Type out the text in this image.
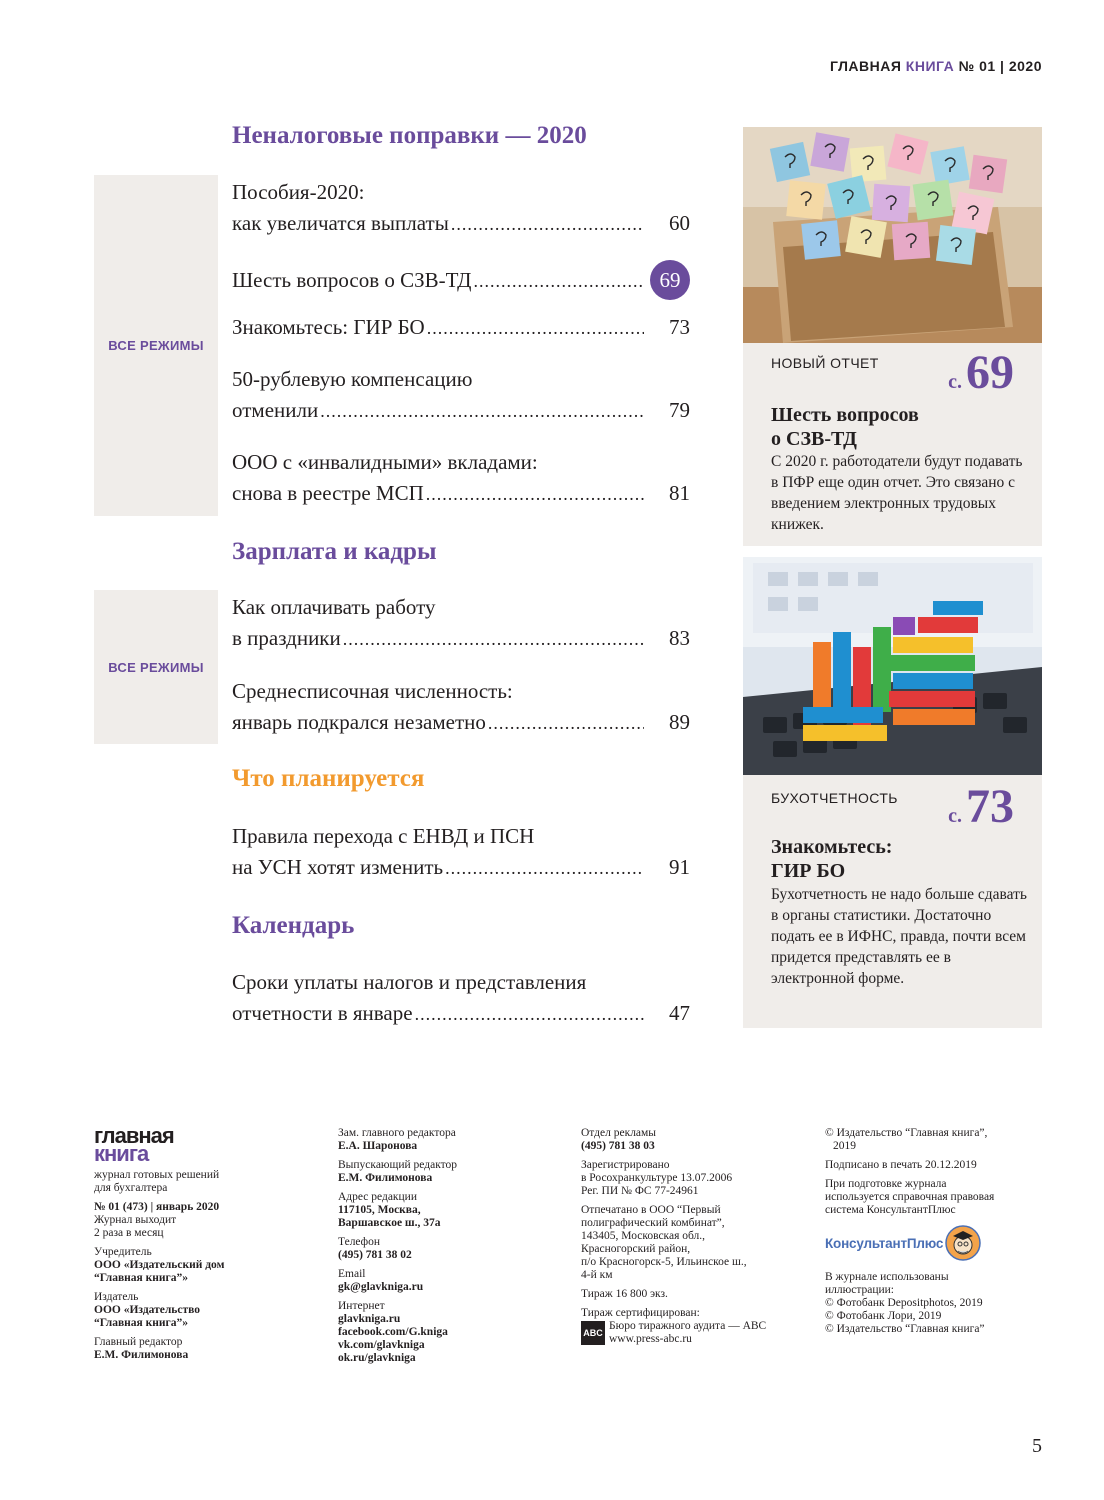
ГЛАВНАЯ КНИГА № 01 | 2020
Неналоговые поправки — 2020
ВСЕ РЕЖИМЫ
Пособия-2020:
как увеличатся выплаты .....	60
Шесть вопросов о СЗВ-ТД .....	69
Знакомьтесь: ГИР БО .....	73
50-рублевую компенсацию
отменили .....	79
ООО с «инвалидными» вкладами:
снова в реестре МСП .....	81
Зарплата и кадры
ВСЕ РЕЖИМЫ
Как оплачивать работу
в праздники .....	83
Среднесписочная численность:
январь подкрался незаметно .....	89
Что планируется
Правила перехода с ЕНВД и ПСН
на УСН хотят изменить .....	91
Календарь
Сроки уплаты налогов и представления
отчетности в январе .....	47
НОВЫЙ ОТЧЕТ
с.69
Шесть вопросов
о СЗВ-ТД
С 2020 г. работодатели будут подавать в ПФР еще один отчет. Это связано с введением электронных трудовых книжек.
БУХОТЧЕТНОСТЬ
с.73
Знакомьтесь:
ГИР БО
Бухотчетность не надо больше сдавать в органы статистики. Достаточно подать ее в ИФНС, правда, почти всем придется представлять ее в электронной форме.
главная
книга
журнал готовых решений
для бухгалтера
№ 01 (473) | январь 2020
Журнал выходит
2 раза в месяц
Учредитель
ООО «Издательский дом
“Главная книга”»
Издатель
ООО «Издательство
“Главная книга”»
Главный редактор
Е.М. Филимонова
Зам. главного редактора
Е.А. Шаронова
Выпускающий редактор
Е.М. Филимонова
Адрес редакции
117105, Москва,
Варшавское ш., 37а
Телефон
(495) 781 38 02
Email
gk@glavkniga.ru
Интернет
glavkniga.ru
facebook.com/G.kniga
vk.com/glavkniga
ok.ru/glavkniga
Отдел рекламы
(495) 781 38 03
Зарегистрировано
в Росохранкультуре 13.07.2006
Рег. ПИ № ФС 77-24961
Отпечатано в ООО “Первый
полиграфический комбинат”,
143405, Московская обл.,
Красногорский район,
п/о Красногорск-5, Ильинское ш.,
4-й км
Тираж 16 800 экз.
Тираж сертифицирован:
ABC
Бюро тиражного аудита — ABC
www.press-abc.ru
© Издательство “Главная книга”,
2019
Подписано в печать 20.12.2019
При подготовке журнала
используется справочная правовая
система КонсультантПлюс
КонсультантПлюс
В журнале использованы
иллюстрации:
© Фотобанк Depositphotos, 2019
© Фотобанк Лори, 2019
© Издательство “Главная книга”
5
